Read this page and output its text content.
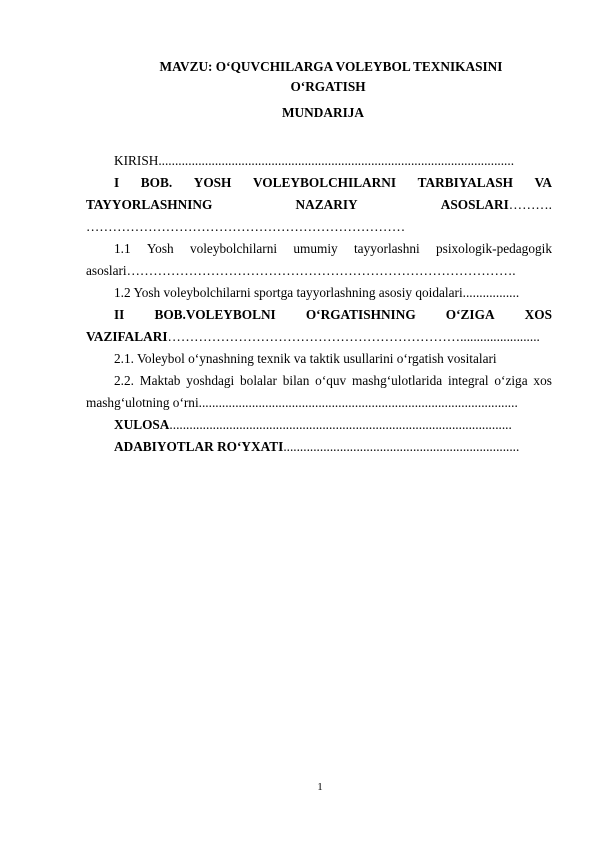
MAVZU: O‘QUVCHILARGA VOLEYBOL TEXNIKASINI
O‘RGATISH
MUNDARIJA
KIRISH...........................................................................................................
I BOB. YOSH VOLEYBOLCHILARNI TARBIYALASH VA
TAYYORLASHNING	NAZARIY	ASOSLARI……….
………………………………………………………………
1.1 Yosh voleybolchilarni umumiy tayyorlashni psixologik-pedagogik
asoslari…………………………………………………………………………….
1.2 Yosh voleybolchilarni sportga tayyorlashning asosiy qoidalari.................
II BOB.VOLEYBOLNI O‘RGATISHNING O‘ZIGA XOS
VAZIFALARI…………………………………………………………........................
2.1. Voleybol o‘ynashning texnik va taktik usullarini o‘rgatish vositalari
2.2. Maktab yoshdagi bolalar bilan o‘quv mashg‘ulotlarida integral o‘ziga xos
mashg‘ulotning o‘rni................................................................................................
XULOSA.......................................................................................................
ADABIYOTLAR RO‘YXATI.......................................................................
1
